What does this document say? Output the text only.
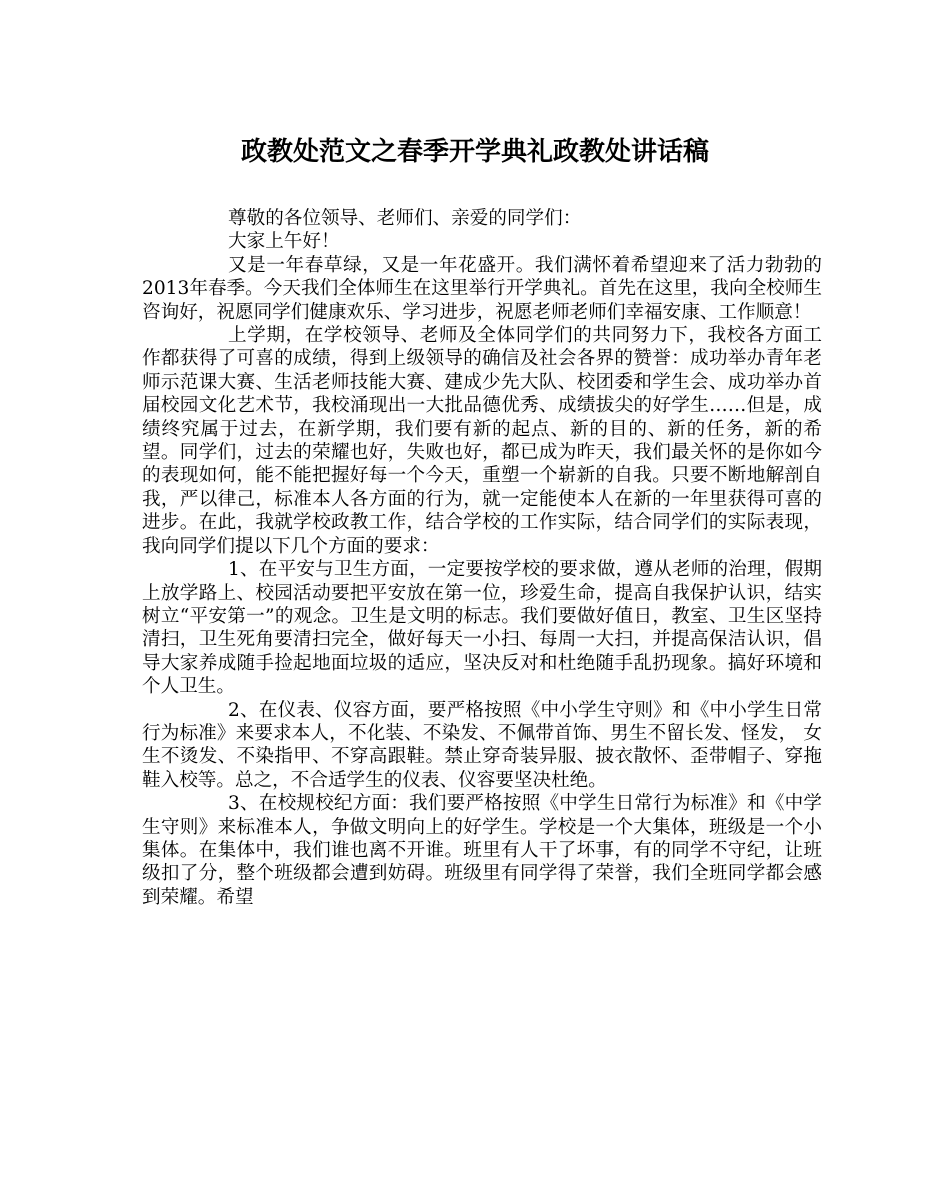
政教处范文之春季开学典礼政教处讲话稿

尊敬的各位领导、老师们、亲爱的同学们：

大家上午好！

又是一年春草绿，又是一年花盛开。我们满怀着希望迎来了活力勃勃的2013年春季。今天我们全体师生在这里举行开学典礼。首先在这里，我向全校师生咨询好，祝愿同学们健康欢乐、学习进步，祝愿老师老师们幸福安康、工作顺意！

上学期，在学校领导、老师及全体同学们的共同努力下，我校各方面工作都获得了可喜的成绩，得到上级领导的确信及社会各界的赞誉：成功举办青年老师示范课大赛、生活老师技能大赛、建成少先大队、校团委和学生会、成功举办首届校园文化艺术节，我校涌现出一大批品德优秀、成绩拔尖的好学生……但是，成绩终究属于过去，在新学期，我们要有新的起点、新的目的、新的任务，新的希望。同学们，过去的荣耀也好，失败也好，都已成为昨天，我们最关怀的是你如今的表现如何，能不能把握好每一个今天，重塑一个崭新的自我。只要不断地解剖自我，严以律己，标准本人各方面的行为，就一定能使本人在新的一年里获得可喜的进步。在此，我就学校政教工作，结合学校的工作实际，结合同学们的实际表现，我向同学们提以下几个方面的要求：

1、在平安与卫生方面，一定要按学校的要求做，遵从老师的治理，假期上放学路上、校园活动要把平安放在第一位，珍爱生命，提高自我保护认识，结实树立“平安第一”的观念。卫生是文明的标志。我们要做好值日，教室、卫生区坚持清扫，卫生死角要清扫完全，做好每天一小扫、每周一大扫，并提高保洁认识，倡导大家养成随手捡起地面垃圾的适应，坚决反对和杜绝随手乱扔现象。搞好环境和个人卫生。

2、在仪表、仪容方面，要严格按照《中小学生守则》和《中小学生日常行为标准》来要求本人，不化装、不染发、不佩带首饰、男生不留长发、怪发， 女生不烫发、不染指甲、不穿高跟鞋。禁止穿奇装异服、披衣散怀、歪带帽子、穿拖鞋入校等。总之，不合适学生的仪表、仪容要坚决杜绝。

3、在校规校纪方面：我们要严格按照《中学生日常行为标准》和《中学生守则》来标准本人，争做文明向上的好学生。学校是一个大集体，班级是一个小集体。在集体中，我们谁也离不开谁。班里有人干了坏事，有的同学不守纪，让班级扣了分，整个班级都会遭到妨碍。班级里有同学得了荣誉，我们全班同学都会感到荣耀。希望
